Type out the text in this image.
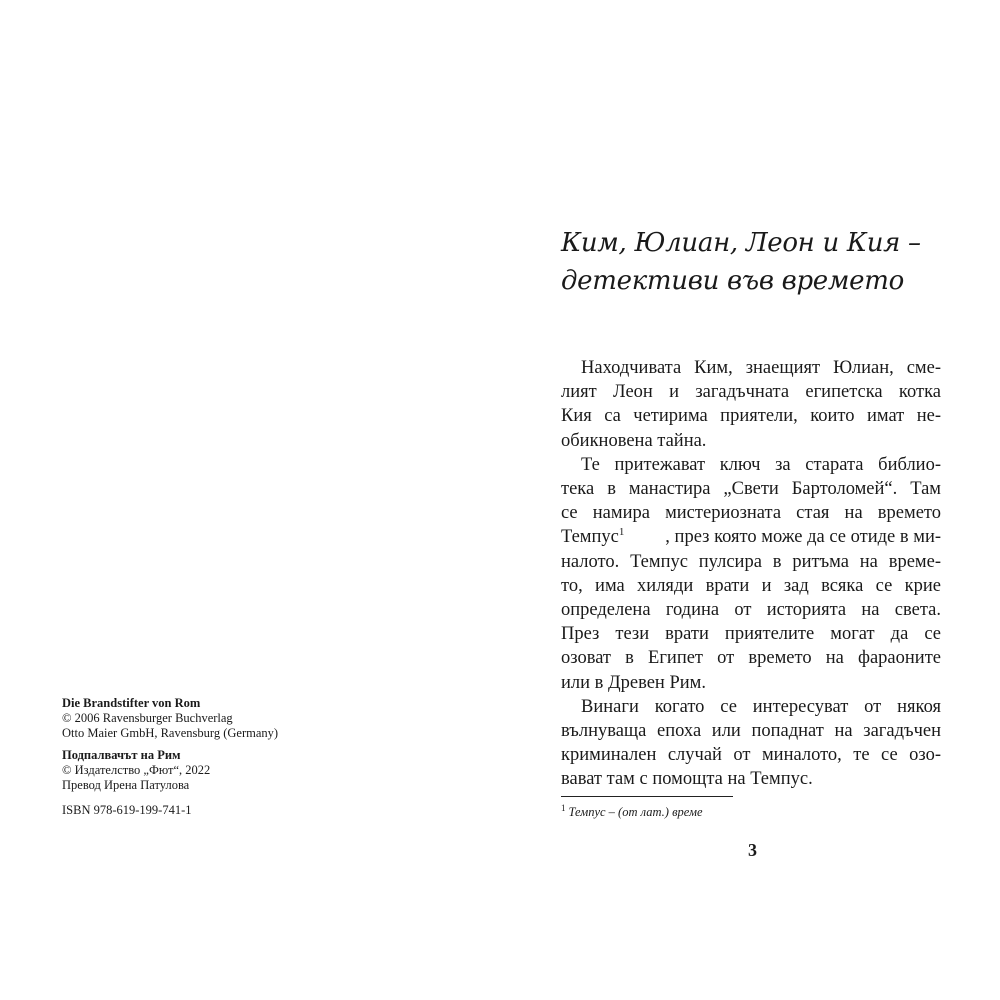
Die Brandstifter von Rom
© 2006 Ravensburger Buchverlag
Otto Maier GmbH, Ravensburg (Germany)
Подпалвачът на Рим
© Издателство „Фют“, 2022
Превод Ирена Патулова
ISBN 978-619-199-741-1
Ким, Юлиан, Леон и Кия –
детективи във времето
Находчивата Ким, знаещият Юлиан, сме-
лият Леон и загадъчната египетска котка
Кия са четирима приятели, които имат не-
обикновена тайна.
Те притежават ключ за старата библио-
тека в манастира „Свети Бартоломей“. Там
се намира мистериозната стая на времето
Темпус$^1$ , през която може да се отиде в ми-
налото. Темпус пулсира в ритъма на време-
то, има хиляди врати и зад всяка се крие
определена година от историята на света.
През тези врати приятелите могат да се
озоват в Египет от времето на фараоните
или в Древен Рим.
Винаги когато се интересуват от някоя
вълнуваща епоха или попаднат на загадъчен
криминален случай от миналото, те се озо-
вават там с помощта на Темпус.
$^1$ Темпус – (от лат.) време
3
